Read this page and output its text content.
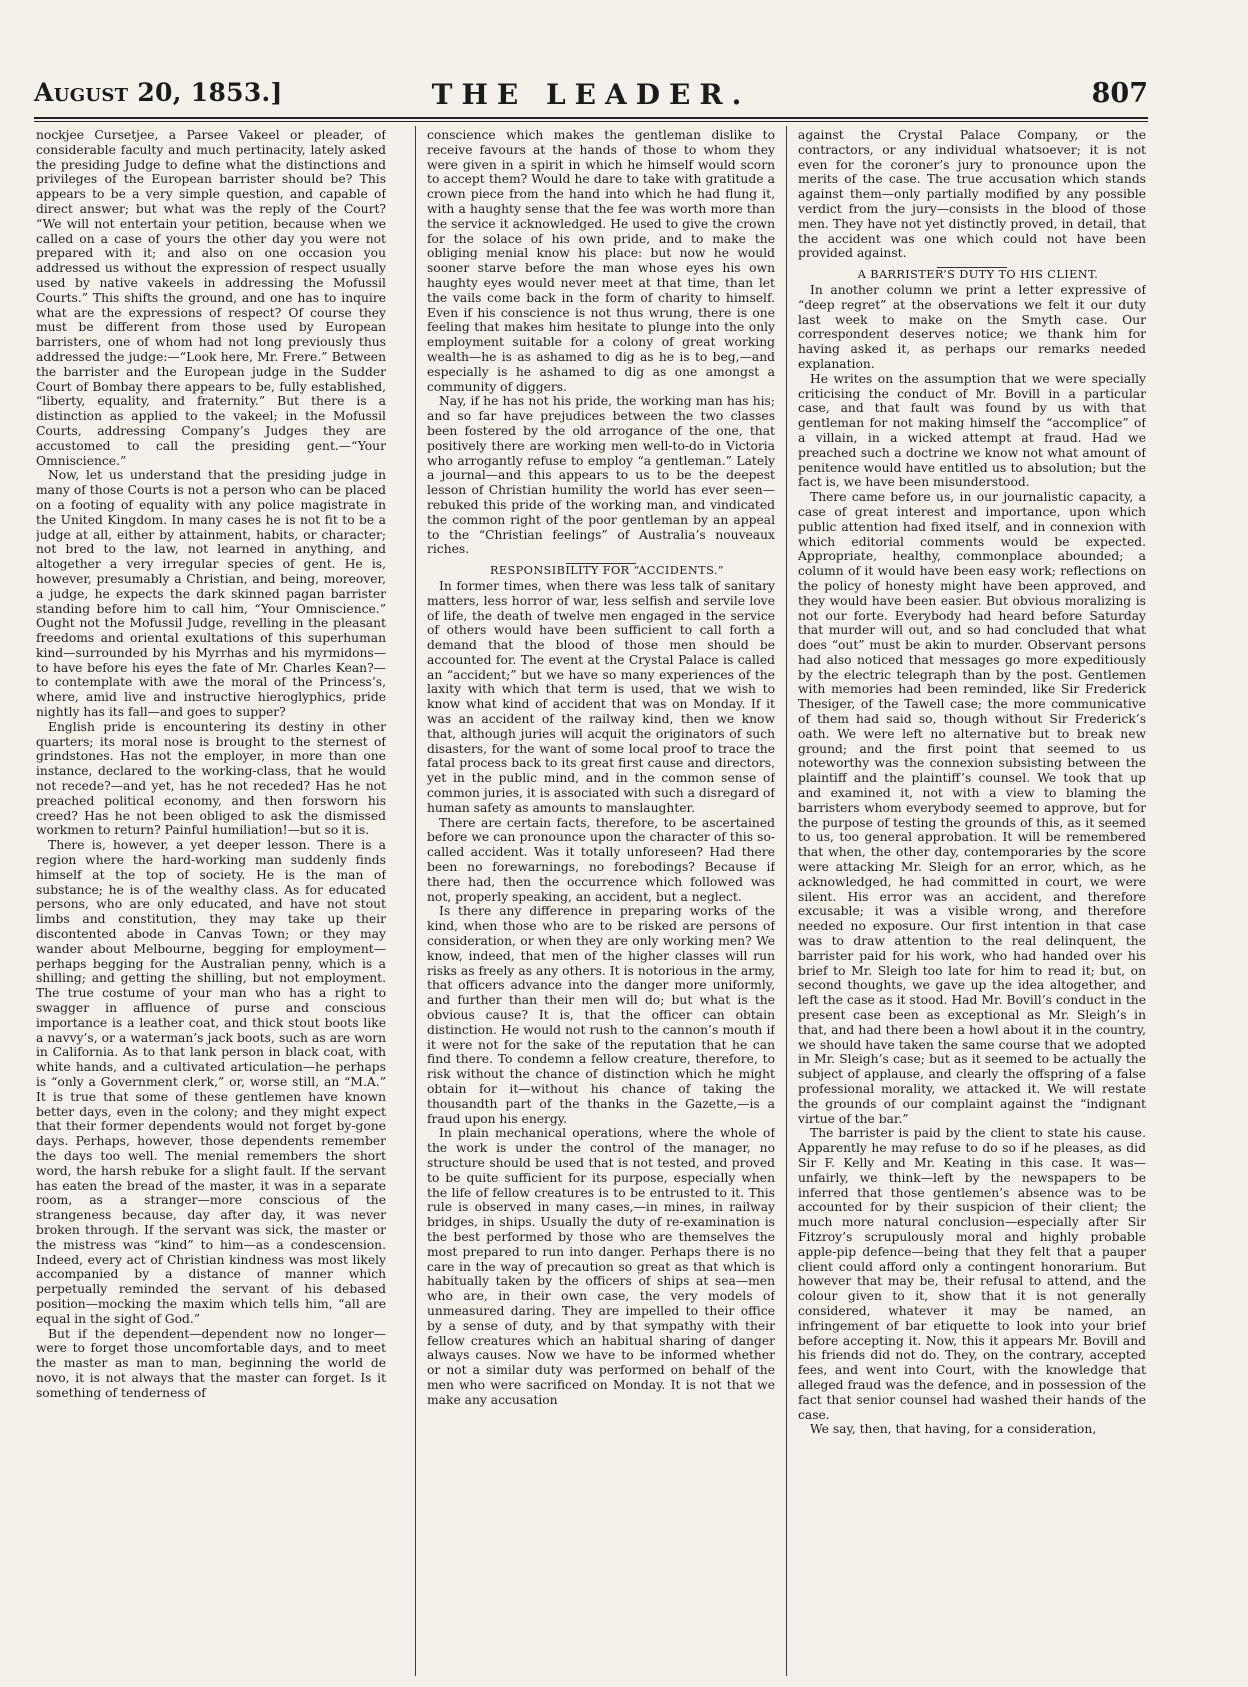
August 20, 1853.]	THE LEADER.	807

nockjee Cursetjee, a Parsee Vakeel or pleader, of considerable faculty and much pertinacity, lately asked the presiding Judge to define what the distinctions and privileges of the European barrister should be? This appears to be a very simple question, and capable of direct answer; but what was the reply of the Court? “We will not entertain your petition, because when we called on a case of yours the other day you were not prepared with it; and also on one occasion you addressed us without the expression of respect usually used by native vakeels in addressing the Mofussil Courts.” This shifts the ground, and one has to inquire what are the expressions of respect? Of course they must be different from those used by European barristers, one of whom had not long previously thus addressed the judge:—“Look here, Mr. Frere.” Between the barrister and the European judge in the Sudder Court of Bombay there appears to be, fully established, “liberty, equality, and fraternity.” But there is a distinction as applied to the vakeel; in the Mofussil Courts, addressing Company’s Judges they are accustomed to call the presiding gent.—“Your Omniscience.”

Now, let us understand that the presiding judge in many of those Courts is not a person who can be placed on a footing of equality with any police magistrate in the United Kingdom. In many cases he is not fit to be a judge at all, either by attainment, habits, or character; not bred to the law, not learned in anything, and altogether a very irregular species of gent. He is, however, presumably a Christian, and being, moreover, a judge, he expects the dark skinned pagan barrister standing before him to call him, “Your Omniscience.” Ought not the Mofussil Judge, revelling in the pleasant freedoms and oriental exultations of this superhuman kind—surrounded by his Myrrhas and his myrmidons—to have before his eyes the fate of Mr. Charles Kean?—to contemplate with awe the moral of the Princess’s, where, amid live and instructive hieroglyphics, pride nightly has its fall—and goes to supper?

English pride is encountering its destiny in other quarters; its moral nose is brought to the sternest of grindstones. Has not the employer, in more than one instance, declared to the working-class, that he would not recede?—and yet, has he not receded? Has he not preached political economy, and then forsworn his creed? Has he not been obliged to ask the dismissed workmen to return? Painful humiliation!—but so it is.

There is, however, a yet deeper lesson. There is a region where the hard-working man suddenly finds himself at the top of society. He is the man of substance; he is of the wealthy class. As for educated persons, who are only educated, and have not stout limbs and constitution, they may take up their discontented abode in Canvas Town; or they may wander about Melbourne, begging for employment—perhaps begging for the Australian penny, which is a shilling; and getting the shilling, but not employment. The true costume of your man who has a right to swagger in affluence of purse and conscious importance is a leather coat, and thick stout boots like a navvy’s, or a waterman’s jack boots, such as are worn in California. As to that lank person in black coat, with white hands, and a cultivated articulation—he perhaps is “only a Government clerk,” or, worse still, an “M.A.” It is true that some of these gentlemen have known better days, even in the colony; and they might expect that their former dependents would not forget by-gone days. Perhaps, however, those dependents remember the days too well. The menial remembers the short word, the harsh rebuke for a slight fault. If the servant has eaten the bread of the master, it was in a separate room, as a stranger—more conscious of the strangeness because, day after day, it was never broken through. If the servant was sick, the master or the mistress was “kind” to him—as a condescension. Indeed, every act of Christian kindness was most likely accompanied by a distance of manner which perpetually reminded the servant of his debased position—mocking the maxim which tells him, “all are equal in the sight of God.”

But if the dependent—dependent now no longer—were to forget those uncomfortable days, and to meet the master as man to man, beginning the world de novo, it is not always that the master can forget. Is it something of tenderness of

conscience which makes the gentleman dislike to receive favours at the hands of those to whom they were given in a spirit in which he himself would scorn to accept them? Would he dare to take with gratitude a crown piece from the hand into which he had flung it, with a haughty sense that the fee was worth more than the service it acknowledged. He used to give the crown for the solace of his own pride, and to make the obliging menial know his place: but now he would sooner starve before the man whose eyes his own haughty eyes would never meet at that time, than let the vails come back in the form of charity to himself. Even if his conscience is not thus wrung, there is one feeling that makes him hesitate to plunge into the only employment suitable for a colony of great working wealth—he is as ashamed to dig as he is to beg,—and especially is he ashamed to dig as one amongst a community of diggers.

Nay, if he has not his pride, the working man has his; and so far have prejudices between the two classes been fostered by the old arrogance of the one, that positively there are working men well-to-do in Victoria who arrogantly refuse to employ “a gentleman.” Lately a journal—and this appears to us to be the deepest lesson of Christian humility the world has ever seen—rebuked this pride of the working man, and vindicated the common right of the poor gentleman by an appeal to the “Christian feelings” of Australia’s nouveaux riches.

RESPONSIBILITY FOR “ACCIDENTS.”

In former times, when there was less talk of sanitary matters, less horror of war, less selfish and servile love of life, the death of twelve men engaged in the service of others would have been sufficient to call forth a demand that the blood of those men should be accounted for. The event at the Crystal Palace is called an “accident;” but we have so many experiences of the laxity with which that term is used, that we wish to know what kind of accident that was on Monday. If it was an accident of the railway kind, then we know that, although juries will acquit the originators of such disasters, for the want of some local proof to trace the fatal process back to its great first cause and directors, yet in the public mind, and in the common sense of common juries, it is associated with such a disregard of human safety as amounts to manslaughter.

There are certain facts, therefore, to be ascertained before we can pronounce upon the character of this so-called accident. Was it totally unforeseen? Had there been no forewarnings, no forebodings? Because if there had, then the occurrence which followed was not, properly speaking, an accident, but a neglect.

Is there any difference in preparing works of the kind, when those who are to be risked are persons of consideration, or when they are only working men? We know, indeed, that men of the higher classes will run risks as freely as any others. It is notorious in the army, that officers advance into the danger more uniformly, and further than their men will do; but what is the obvious cause? It is, that the officer can obtain distinction. He would not rush to the cannon’s mouth if it were not for the sake of the reputation that he can find there. To condemn a fellow creature, therefore, to risk without the chance of distinction which he might obtain for it—without his chance of taking the thousandth part of the thanks in the Gazette,—is a fraud upon his energy.

In plain mechanical operations, where the whole of the work is under the control of the manager, no structure should be used that is not tested, and proved to be quite sufficient for its purpose, especially when the life of fellow creatures is to be entrusted to it. This rule is observed in many cases,—in mines, in railway bridges, in ships. Usually the duty of re-examination is the best performed by those who are themselves the most prepared to run into danger. Perhaps there is no care in the way of precaution so great as that which is habitually taken by the officers of ships at sea—men who are, in their own case, the very models of unmeasured daring. They are impelled to their office by a sense of duty, and by that sympathy with their fellow creatures which an habitual sharing of danger always causes. Now we have to be informed whether or not a similar duty was performed on behalf of the men who were sacrificed on Monday. It is not that we make any accusation

against the Crystal Palace Company, or the contractors, or any individual whatsoever; it is not even for the coroner’s jury to pronounce upon the merits of the case. The true accusation which stands against them—only partially modified by any possible verdict from the jury—consists in the blood of those men. They have not yet distinctly proved, in detail, that the accident was one which could not have been provided against.

A BARRISTER’S DUTY TO HIS CLIENT.

In another column we print a letter expressive of “deep regret” at the observations we felt it our duty last week to make on the Smyth case. Our correspondent deserves notice; we thank him for having asked it, as perhaps our remarks needed explanation.

He writes on the assumption that we were specially criticising the conduct of Mr. Bovill in a particular case, and that fault was found by us with that gentleman for not making himself the “accomplice” of a villain, in a wicked attempt at fraud. Had we preached such a doctrine we know not what amount of penitence would have entitled us to absolution; but the fact is, we have been misunderstood.

There came before us, in our journalistic capacity, a case of great interest and importance, upon which public attention had fixed itself, and in connexion with which editorial comments would be expected. Appropriate, healthy, commonplace abounded; a column of it would have been easy work; reflections on the policy of honesty might have been approved, and they would have been easier. But obvious moralizing is not our forte. Everybody had heard before Saturday that murder will out, and so had concluded that what does “out” must be akin to murder. Observant persons had also noticed that messages go more expeditiously by the electric telegraph than by the post. Gentlemen with memories had been reminded, like Sir Frederick Thesiger, of the Tawell case; the more communicative of them had said so, though without Sir Frederick’s oath. We were left no alternative but to break new ground; and the first point that seemed to us noteworthy was the connexion subsisting between the plaintiff and the plaintiff’s counsel. We took that up and examined it, not with a view to blaming the barristers whom everybody seemed to approve, but for the purpose of testing the grounds of this, as it seemed to us, too general approbation. It will be remembered that when, the other day, contemporaries by the score were attacking Mr. Sleigh for an error, which, as he acknowledged, he had committed in court, we were silent. His error was an accident, and therefore excusable; it was a visible wrong, and therefore needed no exposure. Our first intention in that case was to draw attention to the real delinquent, the barrister paid for his work, who had handed over his brief to Mr. Sleigh too late for him to read it; but, on second thoughts, we gave up the idea altogether, and left the case as it stood. Had Mr. Bovill’s conduct in the present case been as exceptional as Mr. Sleigh’s in that, and had there been a howl about it in the country, we should have taken the same course that we adopted in Mr. Sleigh’s case; but as it seemed to be actually the subject of applause, and clearly the offspring of a false professional morality, we attacked it. We will restate the grounds of our complaint against the “indignant virtue of the bar.”

The barrister is paid by the client to state his cause. Apparently he may refuse to do so if he pleases, as did Sir F. Kelly and Mr. Keating in this case. It was—unfairly, we think—left by the newspapers to be inferred that those gentlemen’s absence was to be accounted for by their suspicion of their client; the much more natural conclusion—especially after Sir Fitzroy’s scrupulously moral and highly probable apple-pip defence—being that they felt that a pauper client could afford only a contingent honorarium. But however that may be, their refusal to attend, and the colour given to it, show that it is not generally considered, whatever it may be named, an infringement of bar etiquette to look into your brief before accepting it. Now, this it appears Mr. Bovill and his friends did not do. They, on the contrary, accepted fees, and went into Court, with the knowledge that alleged fraud was the defence, and in possession of the fact that senior counsel had washed their hands of the case.

We say, then, that having, for a consideration,
